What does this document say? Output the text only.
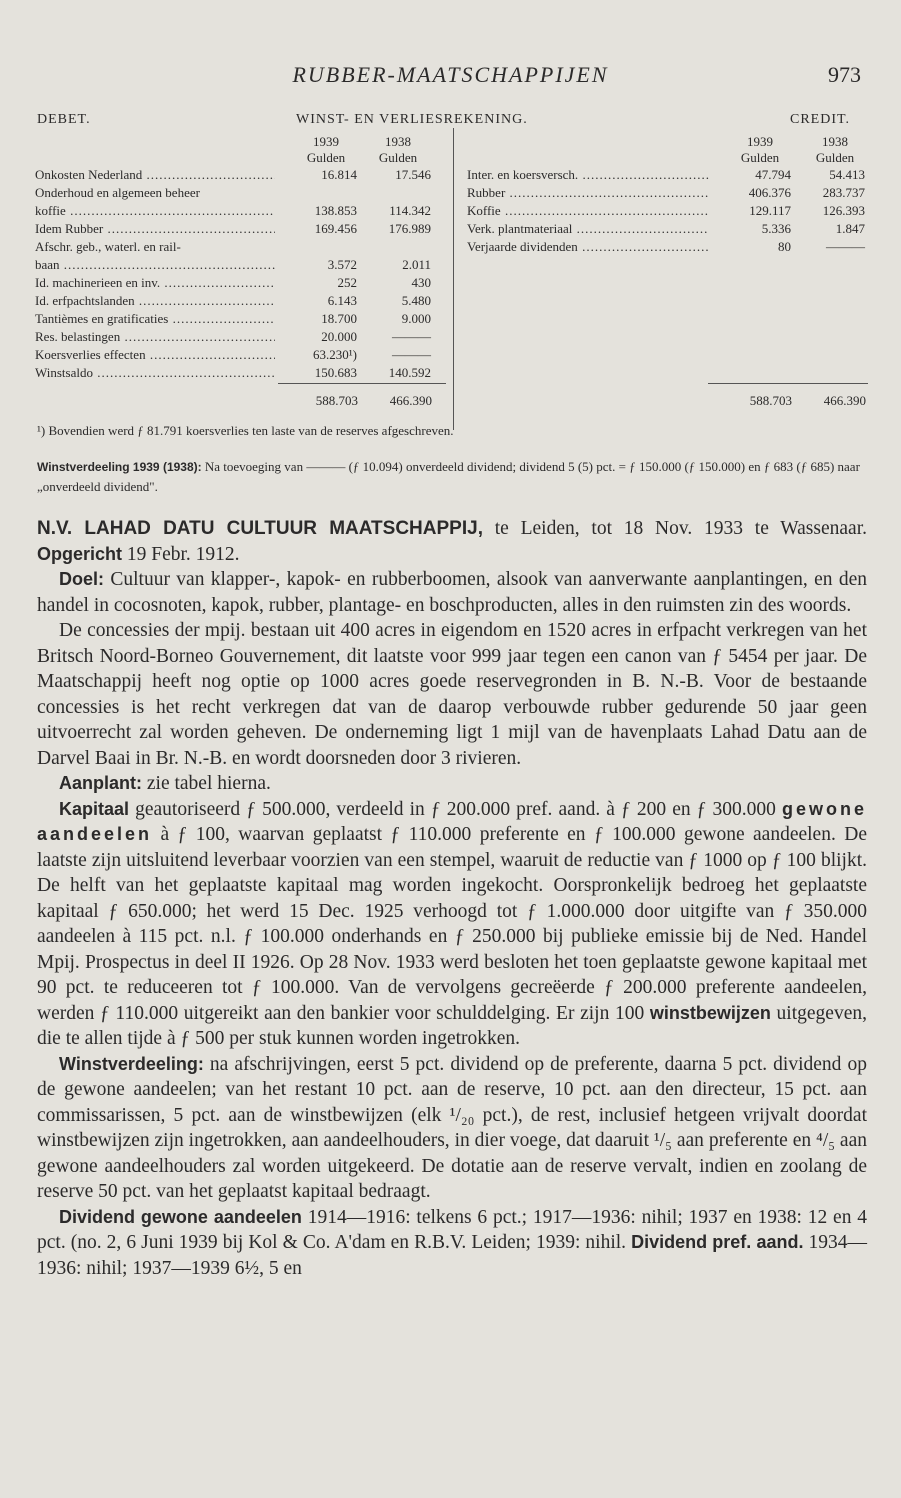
RUBBER-MAATSCHAPPIJEN	973
DEBET.	WINST- EN VERLIESREKENING.	CREDIT.
1939
Gulden
1938
Gulden
1939
Gulden
1938
Gulden
Onkosten Nederland .....	16.814	17.546
Onderhoud en algemeen beheer
koffie .....	138.853	114.342
Idem Rubber .....	169.456	176.989
Afschr. geb., waterl. en rail-
baan .....	3.572	2.011
Id. machinerieen en inv. .....	252	430
Id. erfpachtslanden .....	6.143	5.480
Tantièmes en gratificaties .....	18.700	9.000
Res. belastingen .....	20.000	———
Koersverlies effecten .....	63.230¹)	———
Winstsaldo .....	150.683	140.592
Inter. en koersversch. .....	47.794	54.413
Rubber .....	406.376	283.737
Koffie .....	129.117	126.393
Verk. plantmateriaal .....	5.336	1.847
Verjaarde dividenden .....	80	———
588.703	466.390	588.703	466.390
¹) Bovendien werd ƒ 81.791 koersverlies ten laste van de reserves afgeschreven.
Winstverdeeling 1939 (1938): Na toevoeging van ——— (ƒ 10.094) onverdeeld dividend; dividend 5 (5) pct. = ƒ 150.000 (ƒ 150.000) en ƒ 683 (ƒ 685) naar „onverdeeld dividend".

N.V. LAHAD DATU CULTUUR MAATSCHAPPIJ, te Leiden, tot 18 Nov. 1933 te Wassenaar. Opgericht 19 Febr. 1912.

Doel: Cultuur van klapper-, kapok- en rubberboomen, alsook van aanverwante aanplantingen, en den handel in cocosnoten, kapok, rubber, plantage- en boschproducten, alles in den ruimsten zin des woords.

De concessies der mpij. bestaan uit 400 acres in eigendom en 1520 acres in erfpacht verkregen van het Britsch Noord-Borneo Gouvernement, dit laatste voor 999 jaar tegen een canon van ƒ 5454 per jaar. De Maatschappij heeft nog optie op 1000 acres goede reservegronden in B. N.-B. Voor de bestaande concessies is het recht verkregen dat van de daarop verbouwde rubber gedurende 50 jaar geen uitvoerrecht zal worden geheven. De onderneming ligt 1 mijl van de havenplaats Lahad Datu aan de Darvel Baai in Br. N.-B. en wordt doorsneden door 3 rivieren.

Aanplant: zie tabel hierna.

Kapitaal geautoriseerd ƒ 500.000, verdeeld in ƒ 200.000 pref. aand. à ƒ 200 en ƒ 300.000 gewone aandeelen à ƒ 100, waarvan geplaatst ƒ 110.000 preferente en ƒ 100.000 gewone aandeelen. De laatste zijn uitsluitend leverbaar voorzien van een stempel, waaruit de reductie van ƒ 1000 op ƒ 100 blijkt. De helft van het geplaatste kapitaal mag worden ingekocht. Oorspronkelijk bedroeg het geplaatste kapitaal ƒ 650.000; het werd 15 Dec. 1925 verhoogd tot ƒ 1.000.000 door uitgifte van ƒ 350.000 aandeelen à 115 pct. n.l. ƒ 100.000 onderhands en ƒ 250.000 bij publieke emissie bij de Ned. Handel Mpij. Prospectus in deel II 1926. Op 28 Nov. 1933 werd besloten het toen geplaatste gewone kapitaal met 90 pct. te reduceeren tot ƒ 100.000. Van de vervolgens gecreëerde ƒ 200.000 preferente aandeelen, werden ƒ 110.000 uitgereikt aan den bankier voor schulddelging. Er zijn 100 winstbewijzen uitgegeven, die te allen tijde à ƒ 500 per stuk kunnen worden ingetrokken.

Winstverdeeling: na afschrijvingen, eerst 5 pct. dividend op de preferente, daarna 5 pct. dividend op de gewone aandeelen; van het restant 10 pct. aan de reserve, 10 pct. aan den directeur, 15 pct. aan commissarissen, 5 pct. aan de winstbewijzen (elk ¹/₂₀ pct.), de rest, inclusief hetgeen vrijvalt doordat winstbewijzen zijn ingetrokken, aan aandeelhouders, in dier voege, dat daaruit ¹/₅ aan preferente en ⁴/₅ aan gewone aandeelhouders zal worden uitgekeerd. De dotatie aan de reserve vervalt, indien en zoolang de reserve 50 pct. van het geplaatst kapitaal bedraagt.

Dividend gewone aandeelen 1914—1916: telkens 6 pct.; 1917—1936: nihil; 1937 en 1938: 12 en 4 pct. (no. 2, 6 Juni 1939 bij Kol & Co. A'dam en R.B.V. Leiden; 1939: nihil. Dividend pref. aand. 1934—1936: nihil; 1937—1939 6½, 5 en
